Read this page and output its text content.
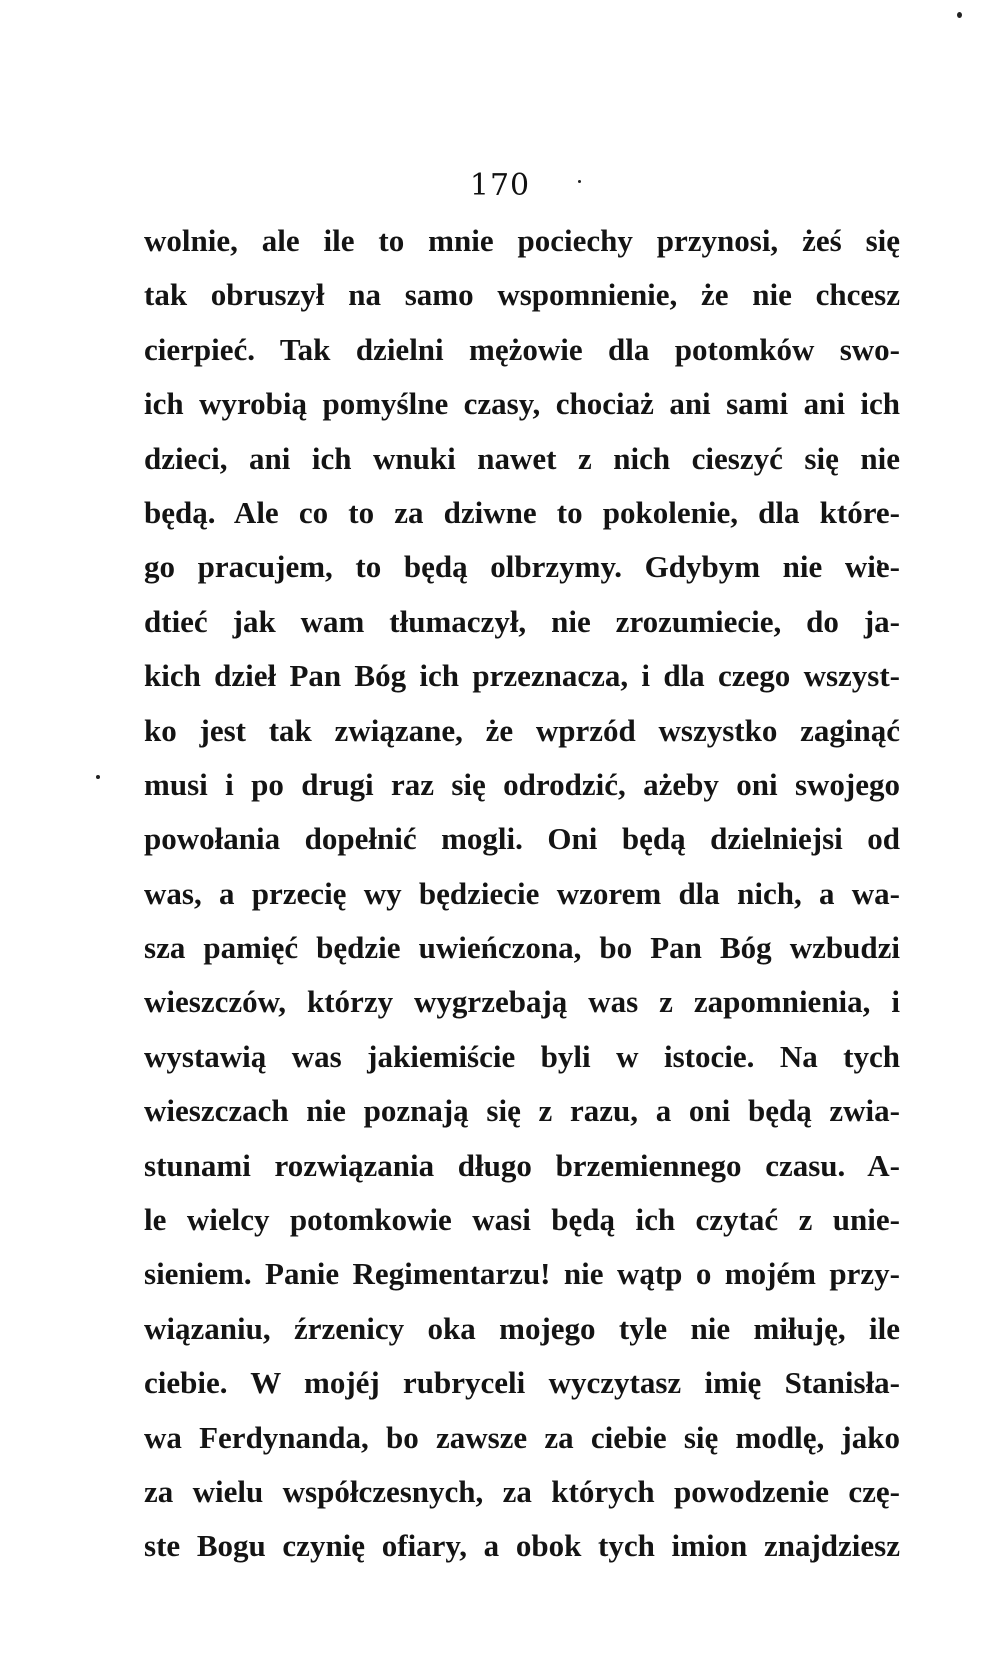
170
wolnie, ale ile to mnie pociechy przynosi, żeś się
tak obruszył na samo wspomnienie, że nie chcesz
cierpieć. Tak dzielni mężowie dla potomków swo-
ich wyrobią pomyślne czasy, chociaż ani sami ani ich
dzieci, ani ich wnuki nawet z nich cieszyć się nie
będą. Ale co to za dziwne to pokolenie, dla które-
go pracujem, to będą olbrzymy. Gdybym nie wie-
dtieć jak wam tłumaczył, nie zrozumiecie, do ja-
kich dzieł Pan Bóg ich przeznacza, i dla czego wszyst-
ko jest tak związane, że wprzód wszystko zaginąć
musi i po drugi raz się odrodzić, ażeby oni swojego
powołania dopełnić mogli. Oni będą dzielniejsi od
was, a przecię wy będziecie wzorem dla nich, a wa-
sza pamięć będzie uwieńczona, bo Pan Bóg wzbudzi
wieszczów, którzy wygrzebają was z zapomnienia, i
wystawią was jakiemiście byli w istocie. Na tych
wieszczach nie poznają się z razu, a oni będą zwia-
stunami rozwiązania długo brzemiennego czasu. A-
le wielcy potomkowie wasi będą ich czytać z unie-
sieniem. Panie Regimentarzu! nie wątp o mojém przy-
wiązaniu, źrzenicy oka mojego tyle nie miłuję, ile
ciebie. W mojéj rubryceli wyczytasz imię Stanisła-
wa Ferdynanda, bo zawsze za ciebie się modlę, jako
za wielu współczesnych, za których powodzenie czę-
ste Bogu czynię ofiary, a obok tych imion znajdziesz
